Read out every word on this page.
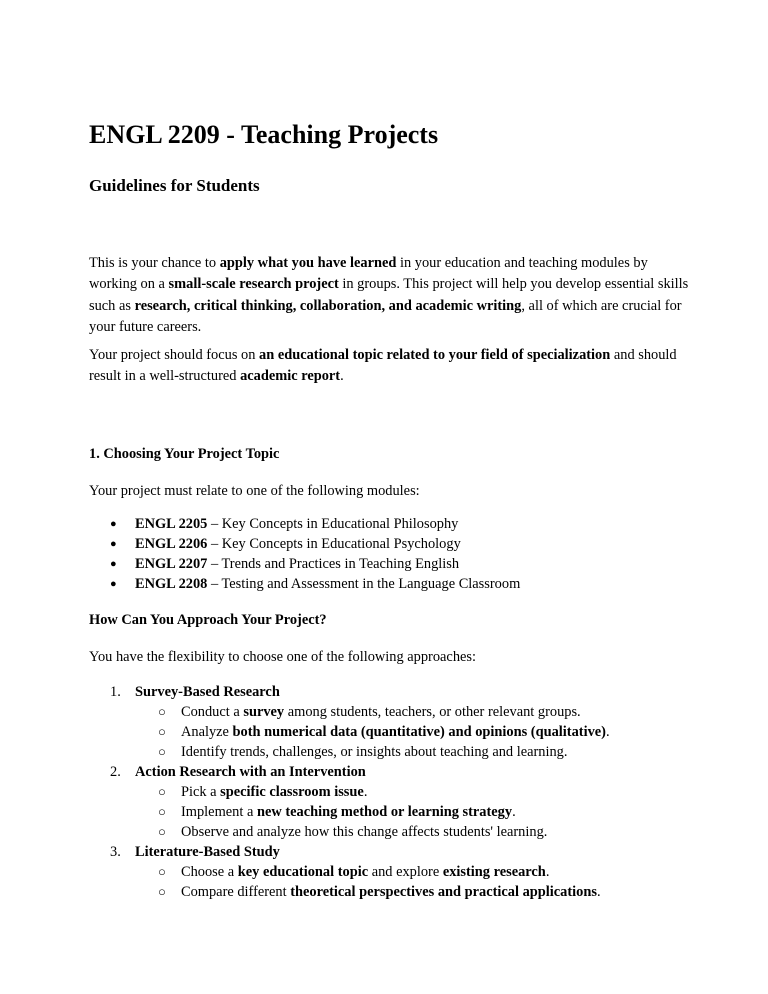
ENGL 2209 - Teaching Projects
Guidelines for Students

This is your chance to apply what you have learned in your education and teaching modules by working on a small-scale research project in groups. This project will help you develop essential skills such as research, critical thinking, collaboration, and academic writing, all of which are crucial for your future careers.

Your project should focus on an educational topic related to your field of specialization and should result in a well-structured academic report.

1. Choosing Your Project Topic
Your project must relate to one of the following modules:
● ENGL 2205 – Key Concepts in Educational Philosophy
● ENGL 2206 – Key Concepts in Educational Psychology
● ENGL 2207 – Trends and Practices in Teaching English
● ENGL 2208 – Testing and Assessment in the Language Classroom
How Can You Approach Your Project?
You have the flexibility to choose one of the following approaches:
1. Survey-Based Research
○ Conduct a survey among students, teachers, or other relevant groups.
○ Analyze both numerical data (quantitative) and opinions (qualitative).
○ Identify trends, challenges, or insights about teaching and learning.
2. Action Research with an Intervention
○ Pick a specific classroom issue.
○ Implement a new teaching method or learning strategy.
○ Observe and analyze how this change affects students' learning.
3. Literature-Based Study
○ Choose a key educational topic and explore existing research.
○ Compare different theoretical perspectives and practical applications.
